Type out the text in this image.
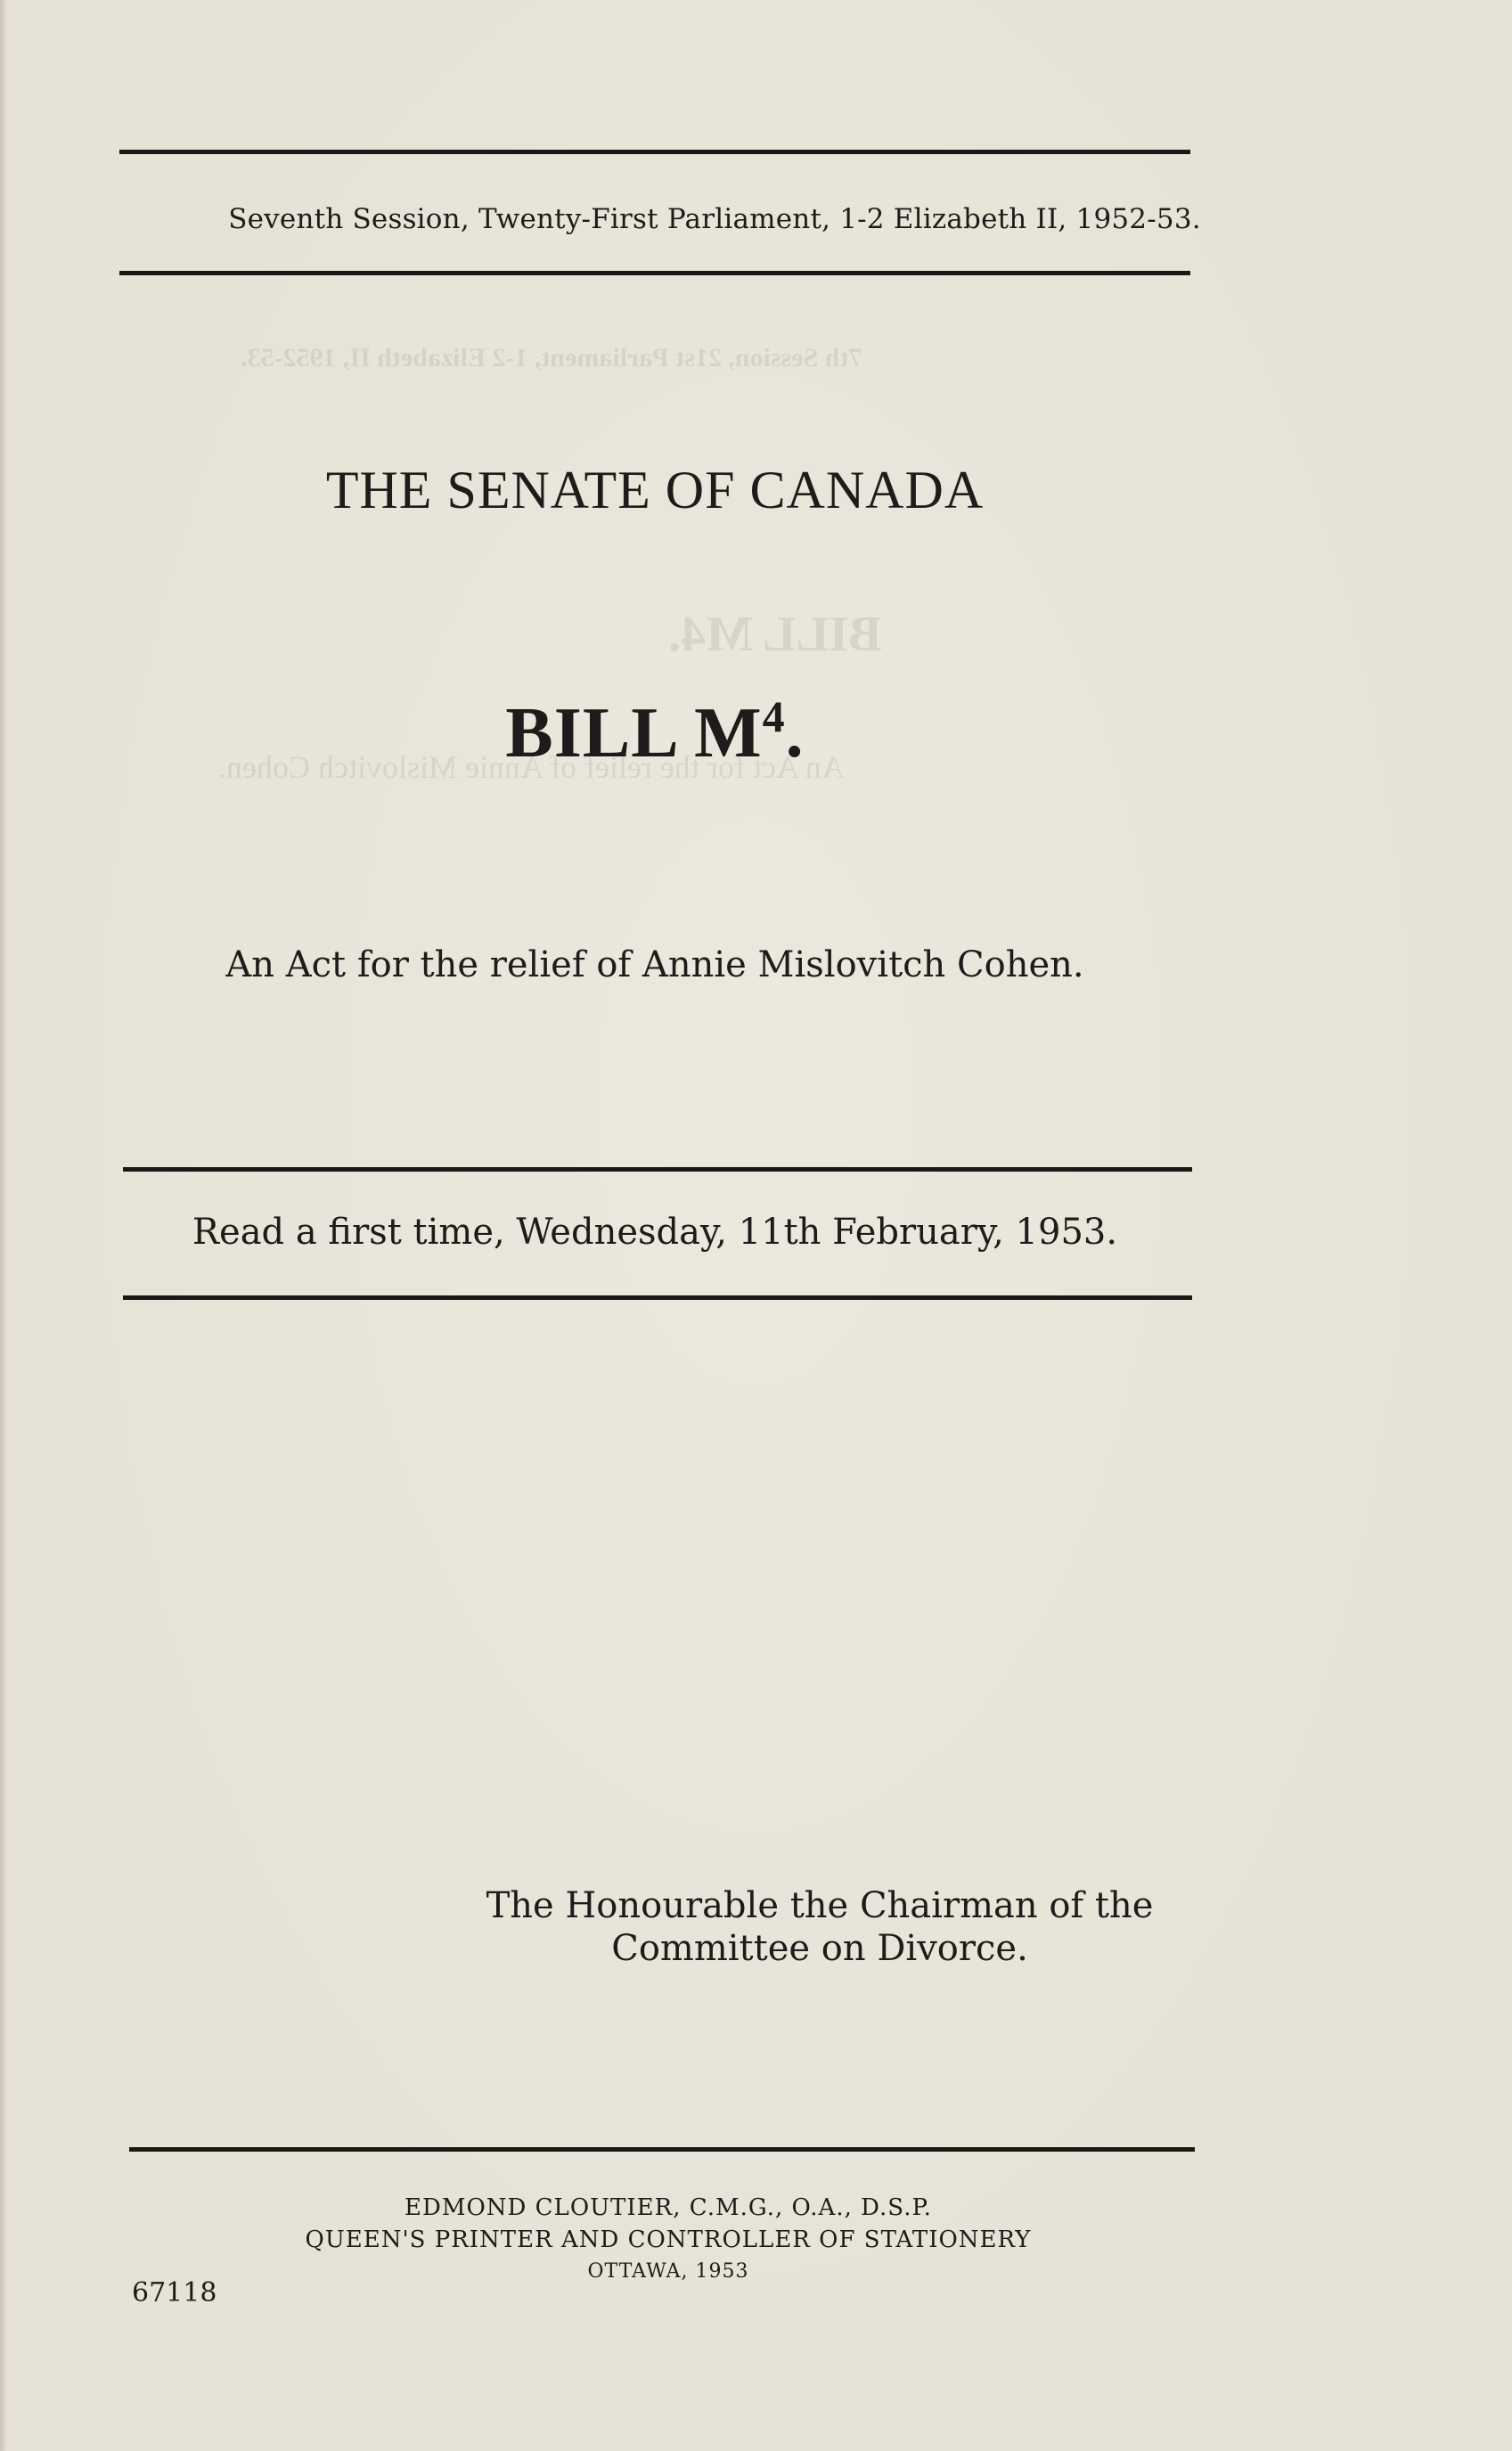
7th Session, 21st Parliament, 1-2 Elizabeth II, 1952-53.
BILL M4.
An Act for the relief of Annie Mislovitch Cohen.
Seventh Session, Twenty-First Parliament, 1-2 Elizabeth II, 1952-53.
THE SENATE OF CANADA
BILL $M^4$.
An Act for the relief of Annie Mislovitch Cohen.
Read a first time, Wednesday, 11th February, 1953.
The Honourable the Chairman of the
Committee on Divorce.
EDMOND CLOUTIER, C.M.G., O.A., D.S.P.
QUEEN'S PRINTER AND CONTROLLER OF STATIONERY
OTTAWA, 1953
67118
